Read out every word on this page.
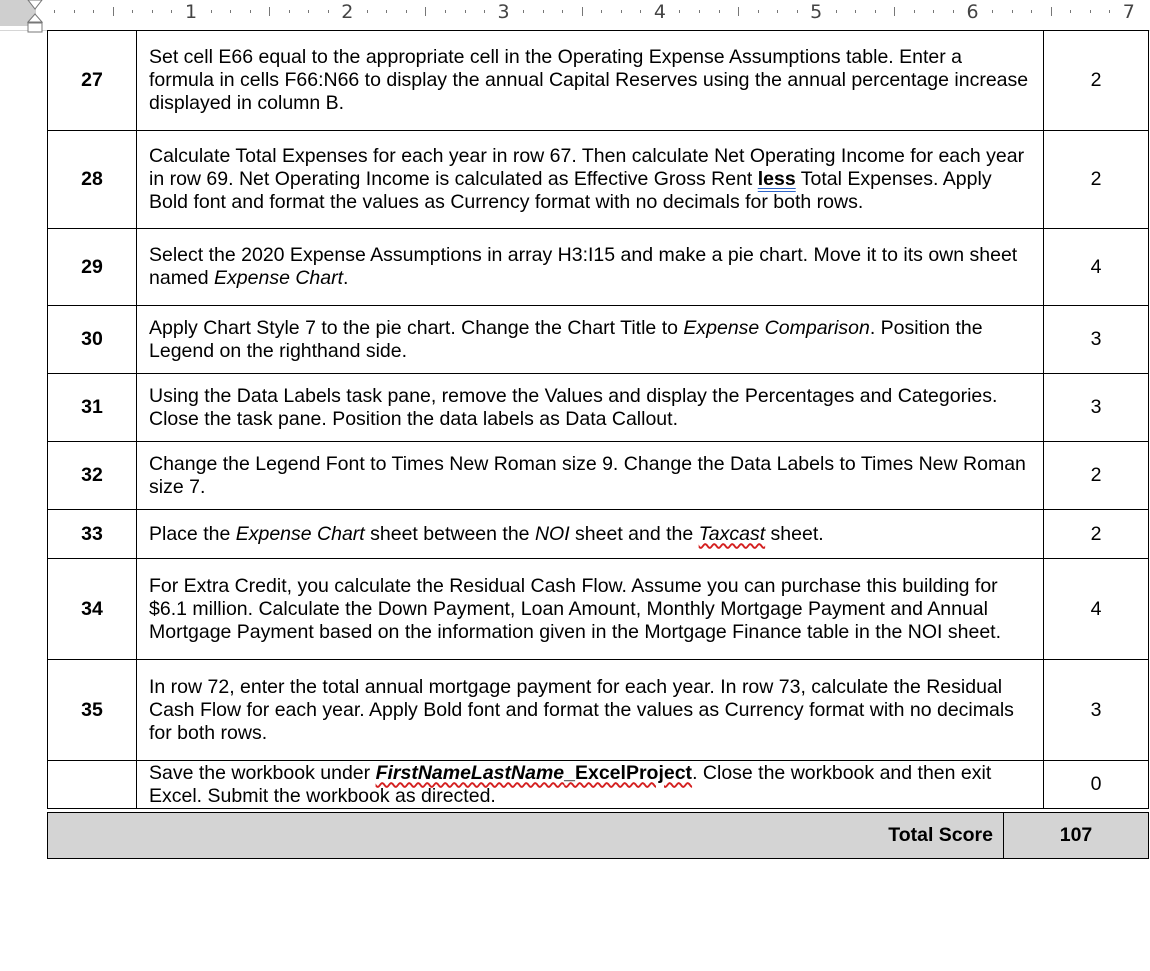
1	2	3	4	5	6	7
27	Set cell E66 equal to the appropriate cell in the Operating Expense Assumptions table. Enter a formula in cells F66:N66 to display the annual Capital Reserves using the annual percentage increase displayed in column B.	2
28	Calculate Total Expenses for each year in row 67. Then calculate Net Operating Income for each year in row 69. Net Operating Income is calculated as Effective Gross Rent less Total Expenses. Apply Bold font and format the values as Currency format with no decimals for both rows.	2
29	Select the 2020 Expense Assumptions in array H3:I15 and make a pie chart. Move it to its own sheet named Expense Chart.	4
30	Apply Chart Style 7 to the pie chart. Change the Chart Title to Expense Comparison. Position the Legend on the righthand side.	3
31	Using the Data Labels task pane, remove the Values and display the Percentages and Categories. Close the task pane. Position the data labels as Data Callout.	3
32	Change the Legend Font to Times New Roman size 9. Change the Data Labels to Times New Roman size 7.	2
33	Place the Expense Chart sheet between the NOI sheet and the Taxcast sheet.	2
34	For Extra Credit, you calculate the Residual Cash Flow. Assume you can purchase this building for $6.1 million. Calculate the Down Payment, Loan Amount, Monthly Mortgage Payment and Annual Mortgage Payment based on the information given in the Mortgage Finance table in the NOI sheet.	4
35	In row 72, enter the total annual mortgage payment for each year. In row 73, calculate the Residual Cash Flow for each year. Apply Bold font and format the values as Currency format with no decimals for both rows.	3
	Save the workbook under FirstNameLastName_ExcelProject. Close the workbook and then exit Excel. Submit the workbook as directed.	0
Total Score	107
